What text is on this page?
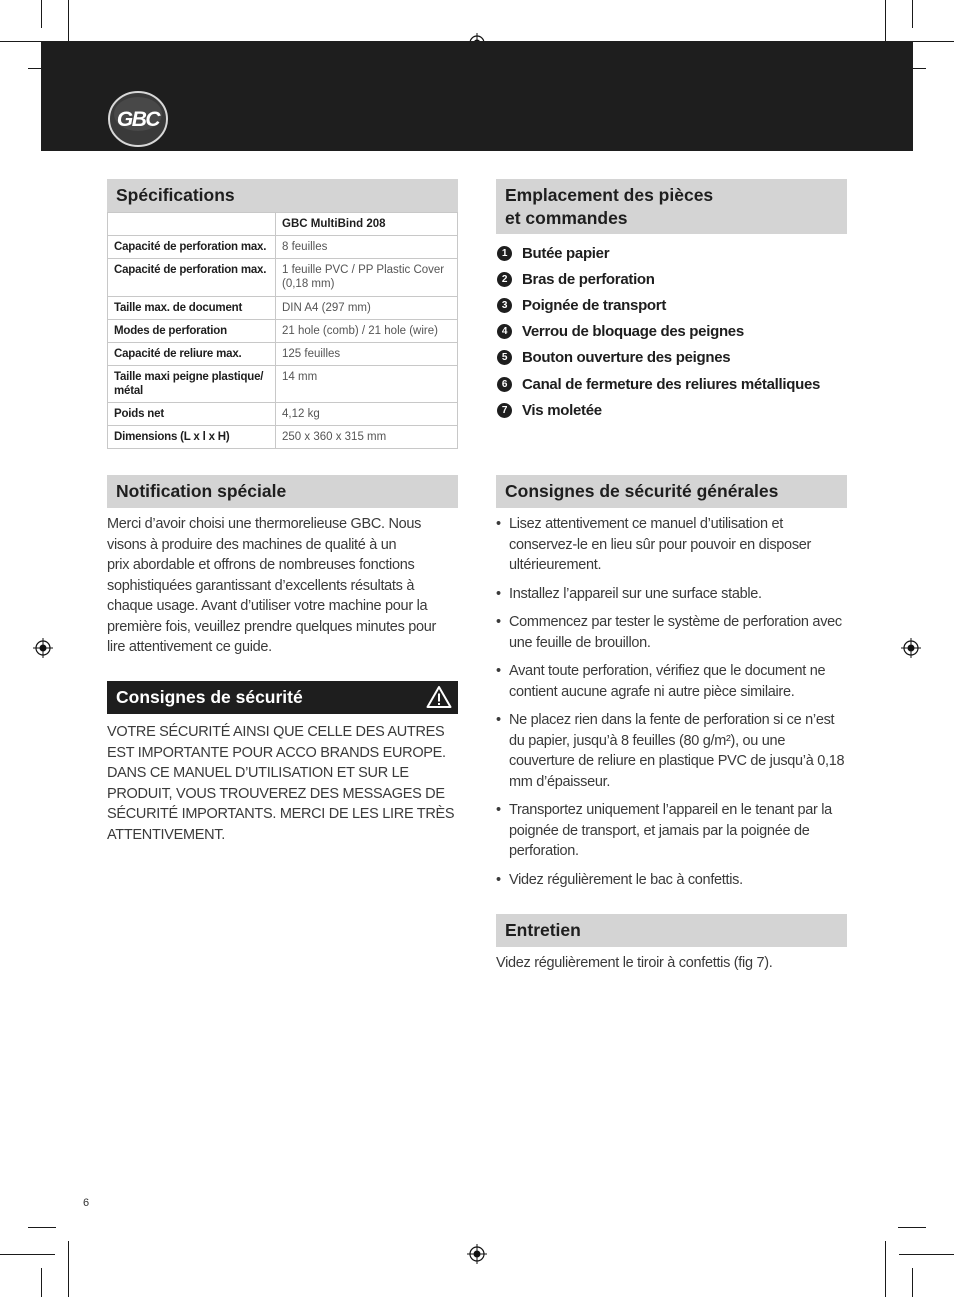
GBC
Spécifications
	GBC MultiBind 208
Capacité de perforation max.	8 feuilles
Capacité de perforation max.	1 feuille PVC / PP Plastic Cover (0,18 mm)
Taille max. de document	DIN A4 (297 mm)
Modes de perforation	21 hole (comb) / 21 hole (wire)
Capacité de reliure max.	125 feuilles
Taille maxi peigne plastique/ métal	14 mm
Poids net	4,12 kg
Dimensions (L x l x H)	250 x 360 x 315 mm
Emplacement des pièces
et commandes
1 Butée papier
2 Bras de perforation
3 Poignée de transport
4 Verrou de bloquage des peignes
5 Bouton ouverture des peignes
6 Canal de fermeture des reliures métalliques
7 Vis moletée
Notification spéciale
Merci d’avoir choisi une thermorelieuse GBC. Nous
visons à produire des machines de qualité à un
prix abordable et offrons de nombreuses fonctions
sophistiquées garantissant d’excellents résultats à
chaque usage. Avant d’utiliser votre machine pour la
première fois, veuillez prendre quelques minutes pour
lire attentivement ce guide.
Consignes de sécurité
VOTRE SÉCURITÉ AINSI QUE CELLE DES AUTRES
EST IMPORTANTE POUR ACCO BRANDS EUROPE.
DANS CE MANUEL D’UTILISATION ET SUR LE
PRODUIT, VOUS TROUVEREZ DES MESSAGES DE
SÉCURITÉ IMPORTANTS. MERCI DE LES LIRE TRÈS
ATTENTIVEMENT.
Consignes de sécurité générales
• Lisez attentivement ce manuel d’utilisation et conservez-le en lieu sûr pour pouvoir en disposer ultérieurement.
• Installez l’appareil sur une surface stable.
• Commencez par tester le système de perforation avec une feuille de brouillon.
• Avant toute perforation, vérifiez que le document ne contient aucune agrafe ni autre pièce similaire.
• Ne placez rien dans la fente de perforation si ce n’est du papier, jusqu’à 8 feuilles (80 g/m²), ou une couverture de reliure en plastique PVC de jusqu’à 0,18 mm d’épaisseur.
• Transportez uniquement l’appareil en le tenant par la poignée de transport, et jamais par la poignée de perforation.
• Videz régulièrement le bac à confettis.
Entretien
Videz régulièrement le tiroir à confettis (fig 7).
6
